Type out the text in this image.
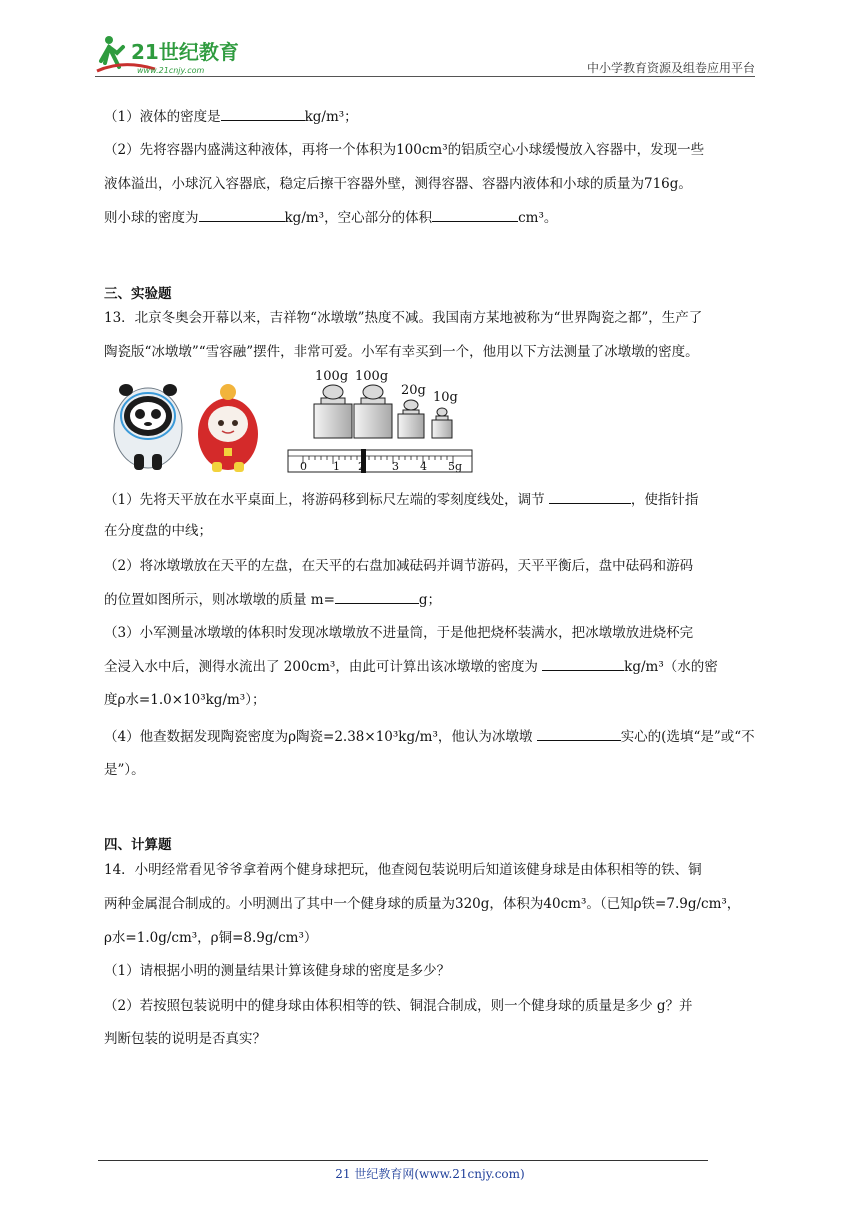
21世纪教育
www.21cnjy.com	中小学教育资源及组卷应用平台
（1）液体的密度是	kg/m³；
（2）先将容器内盛满这种液体，再将一个体积为100cm³的铝质空心小球缓慢放入容器中，发现一些
液体溢出，小球沉入容器底，稳定后擦干容器外壁，测得容器、容器内液体和小球的质量为716g。
则小球的密度为	kg/m³，空心部分的体积	cm³。
三、实验题
13．北京冬奥会开幕以来，吉祥物“冰墩墩”热度不减。我国南方某地被称为“世界陶瓷之都”，生产了
陶瓷版“冰墩墩”“雪容融”摆件，非常可爱。小军有幸买到一个，他用以下方法测量了冰墩墩的密度。
100g 100g
20g 10g
0 1 2 3 4 5g
（1）先将天平放在水平桌面上，将游码移到标尺左端的零刻度线处，调节	，使指针指
在分度盘的中线；
（2）将冰墩墩放在天平的左盘，在天平的右盘加减砝码并调节游码，天平平衡后，盘中砝码和游码
的位置如图所示，则冰墩墩的质量 m=	g；
（3）小军测量冰墩墩的体积时发现冰墩墩放不进量筒，于是他把烧杯装满水，把冰墩墩放进烧杯完
全浸入水中后，测得水流出了 200cm³，由此可计算出该冰墩墩的密度为	kg/m³（水的密
度ρ水=1.0×10³kg/m³）；
（4）他查数据发现陶瓷密度为ρ陶瓷=2.38×10³kg/m³，他认为冰墩墩	实心的(选填“是”或“不
是”）。
四、计算题
14．小明经常看见爷爷拿着两个健身球把玩，他查阅包装说明后知道该健身球是由体积相等的铁、铜
两种金属混合制成的。小明测出了其中一个健身球的质量为320g，体积为40cm³。（已知ρ铁=7.9g/cm³，
ρ水=1.0g/cm³，ρ铜=8.9g/cm³）
（1）请根据小明的测量结果计算该健身球的密度是多少？
（2）若按照包装说明中的健身球由体积相等的铁、铜混合制成，则一个健身球的质量是多少 g？并
判断包装的说明是否真实？
21 世纪教育网(www.21cnjy.com)
